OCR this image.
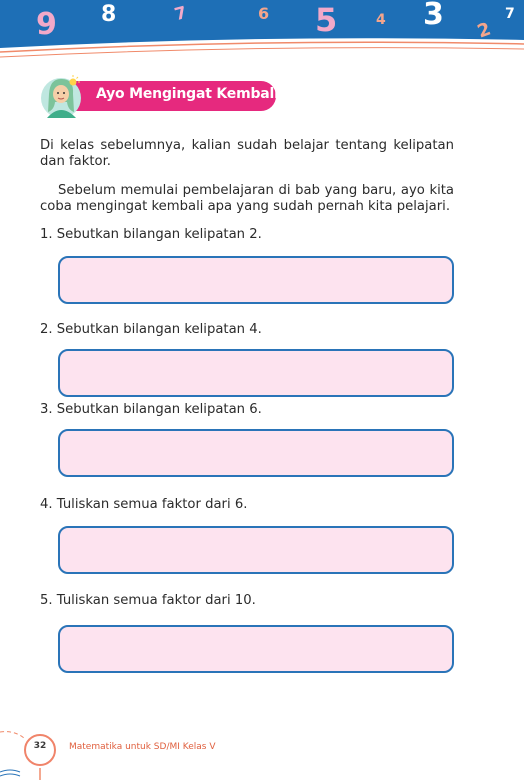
9 8	7	6 5	4 3 2
7
Ayo Mengingat Kembali

Di kelas sebelumnya, kalian sudah belajar tentang kelipatan dan faktor.

Sebelum memulai pembelajaran di bab yang baru, ayo kita coba mengingat kembali apa yang sudah pernah kita pelajari.

1. Sebutkan bilangan kelipatan 2.
2. Sebutkan bilangan kelipatan 4.
3. Sebutkan bilangan kelipatan 6.
4. Tuliskan semua faktor dari 6.
5. Tuliskan semua faktor dari 10.
32	Matematika untuk SD/MI Kelas V
